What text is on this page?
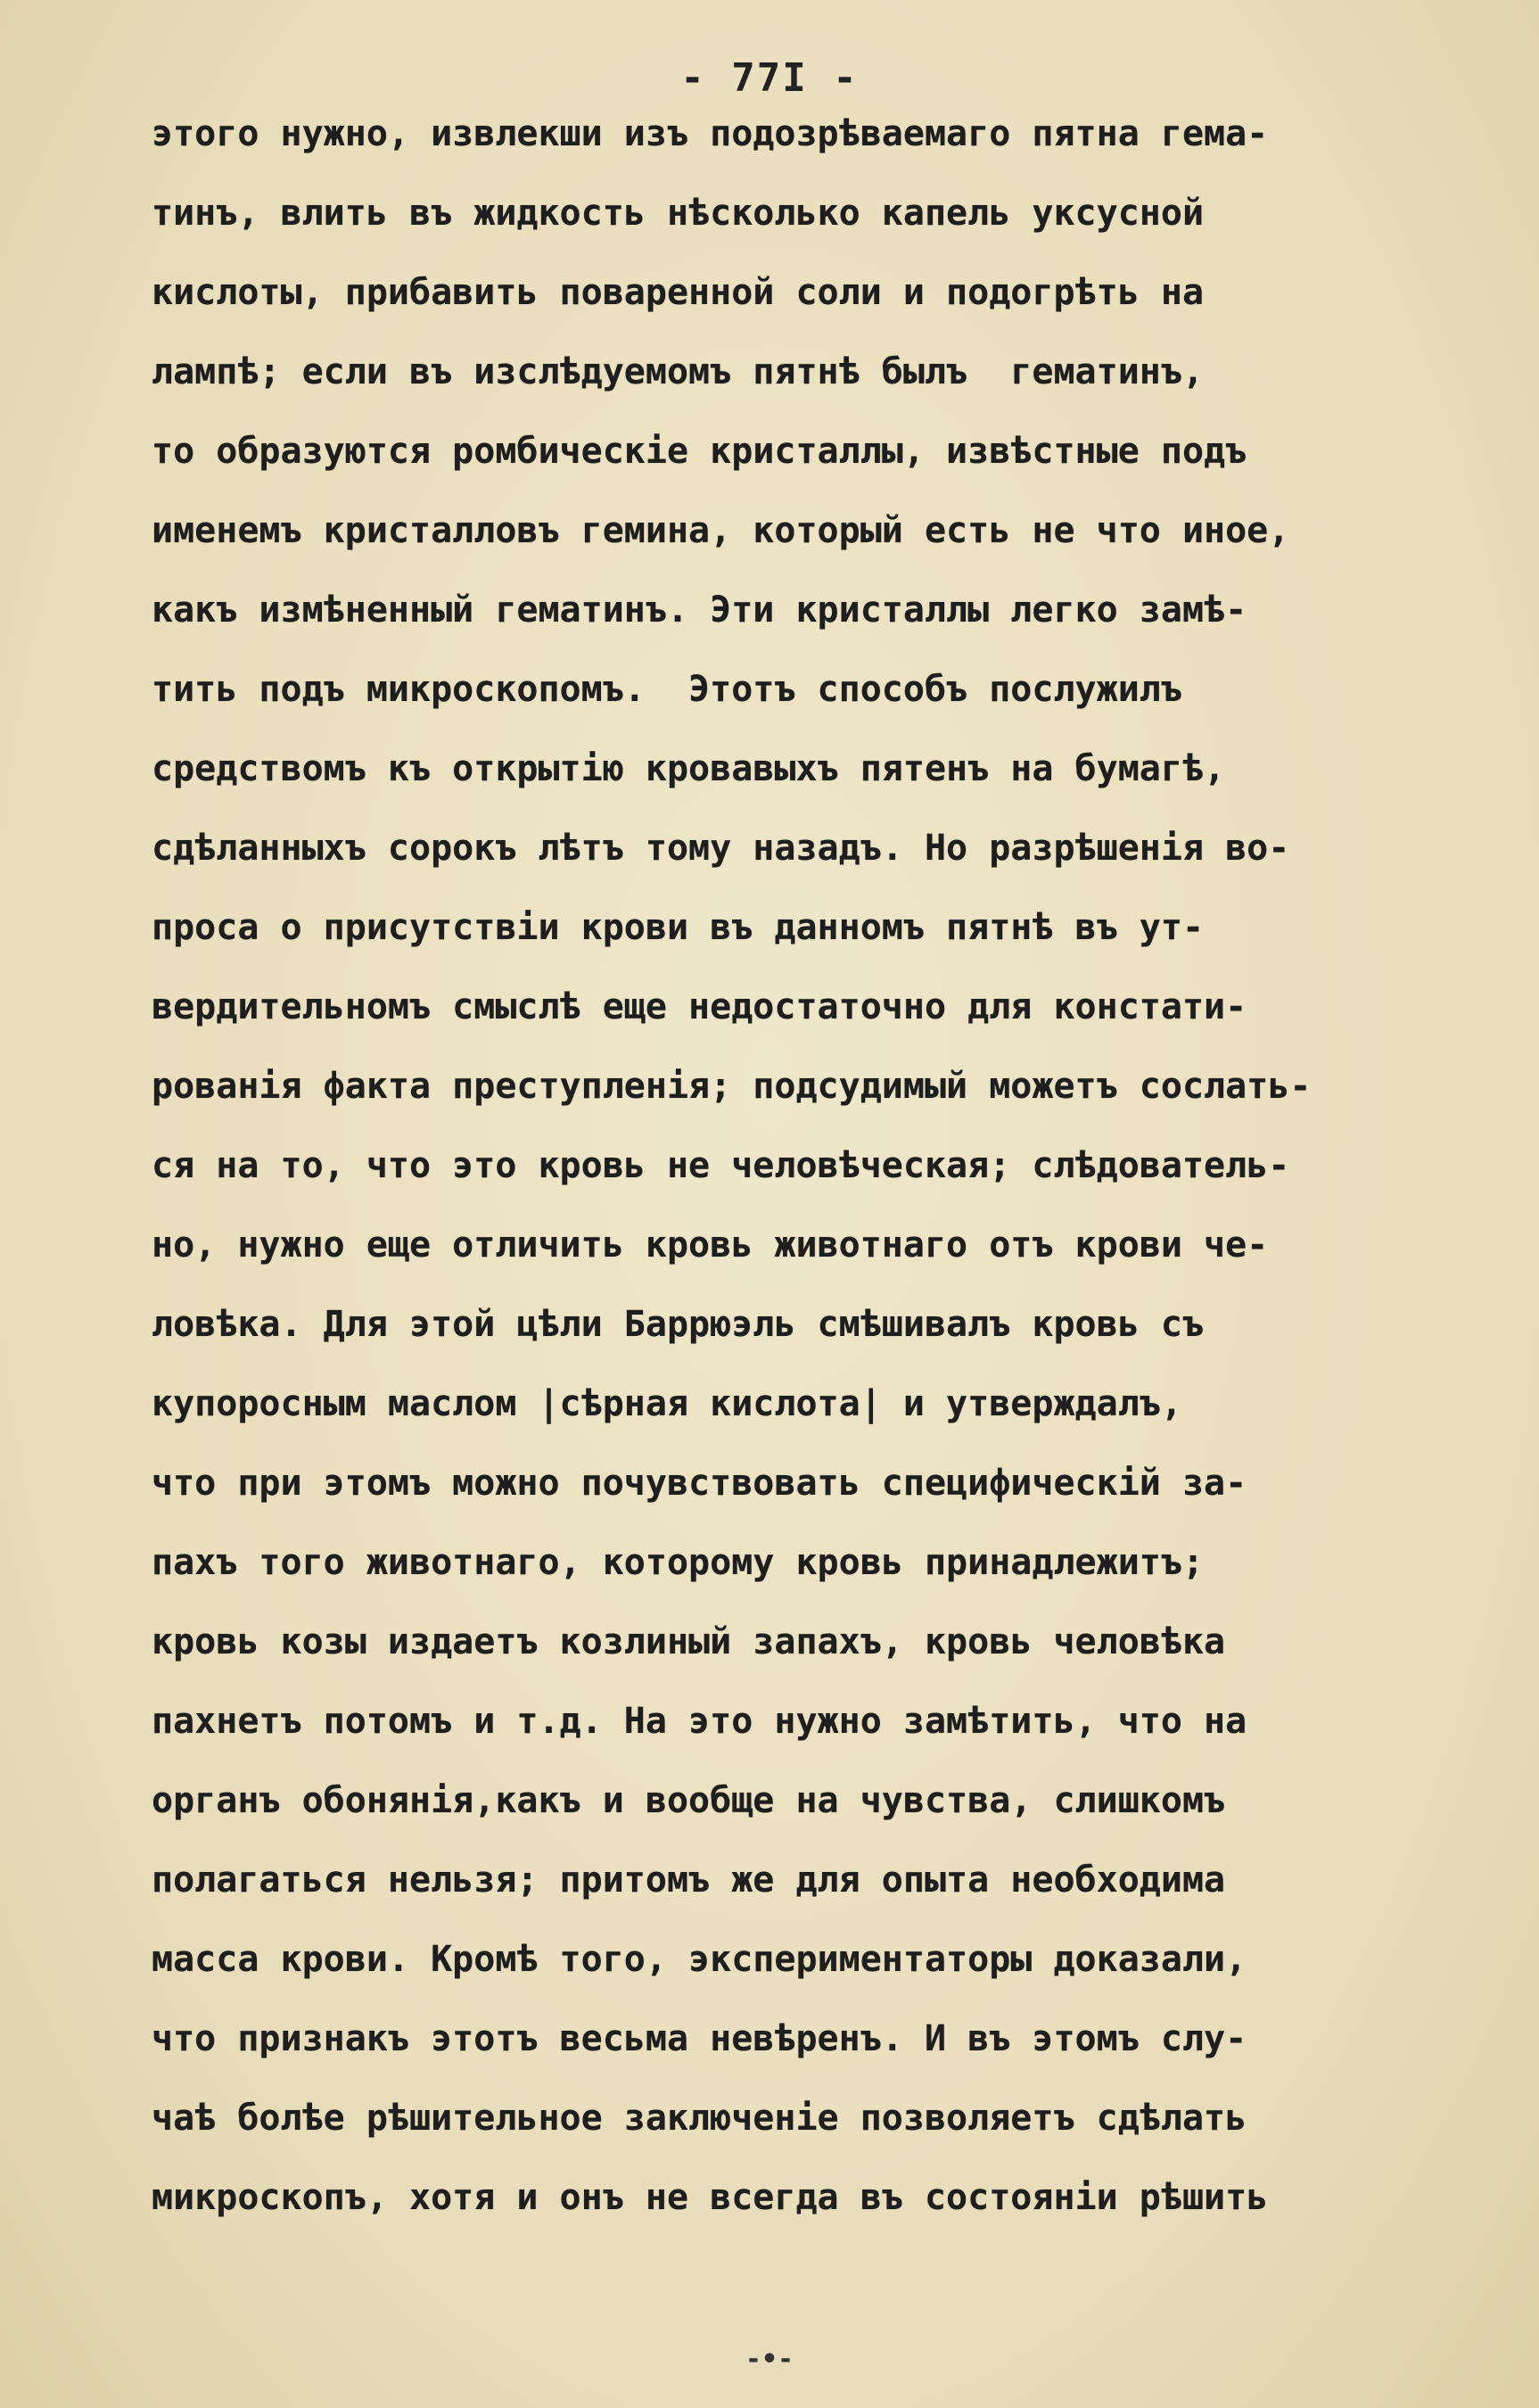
- 77I -
этого нужно, извлекши изъ подозрѣваемаго пятна гема-
тинъ, влить въ жидкость нѣсколько капель уксусной
кислоты, прибавить поваренной соли и подогрѣть на
лампѣ; если въ изслѣдуемомъ пятнѣ былъ  гематинъ,
то образуются ромбическiе кристаллы, извѣстные подъ
именемъ кристалловъ гемина, который есть не что иное,
какъ измѣненный гематинъ. Эти кристаллы легко замѣ-
тить подъ микроскопомъ.  Этотъ способъ послужилъ
средствомъ къ открытiю кровавыхъ пятенъ на бумагѣ,
сдѣланныхъ сорокъ лѣтъ тому назадъ. Но разрѣшенiя во-
проса о присутствiи крови въ данномъ пятнѣ въ ут-
вердительномъ смыслѣ еще недостаточно для констати-
рованiя факта преступленiя; подсудимый можетъ сослать-
ся на то, что это кровь не человѣческая; слѣдователь-
но, нужно еще отличить кровь животнаго отъ крови че-
ловѣка. Для этой цѣли Баррюэль смѣшивалъ кровь съ
купоросным маслом |сѣрная кислота| и утверждалъ,
что при этомъ можно почувствовать специфическiй за-
пахъ того животнаго, которому кровь принадлежитъ;
кровь козы издаетъ козлиный запахъ, кровь человѣка
пахнетъ потомъ и т.д. На это нужно замѣтить, что на
органъ обонянiя,какъ и вообще на чувства, слишкомъ
полагаться нельзя; притомъ же для опыта необходима
масса крови. Кромѣ того, экспериментаторы доказали,
что признакъ этотъ весьма невѣренъ. И въ этомъ слу-
чаѣ болѣе рѣшительное заключенiе позволяетъ сдѣлать
микроскопъ, хотя и онъ не всегда въ состоянiи рѣшить
-•-
